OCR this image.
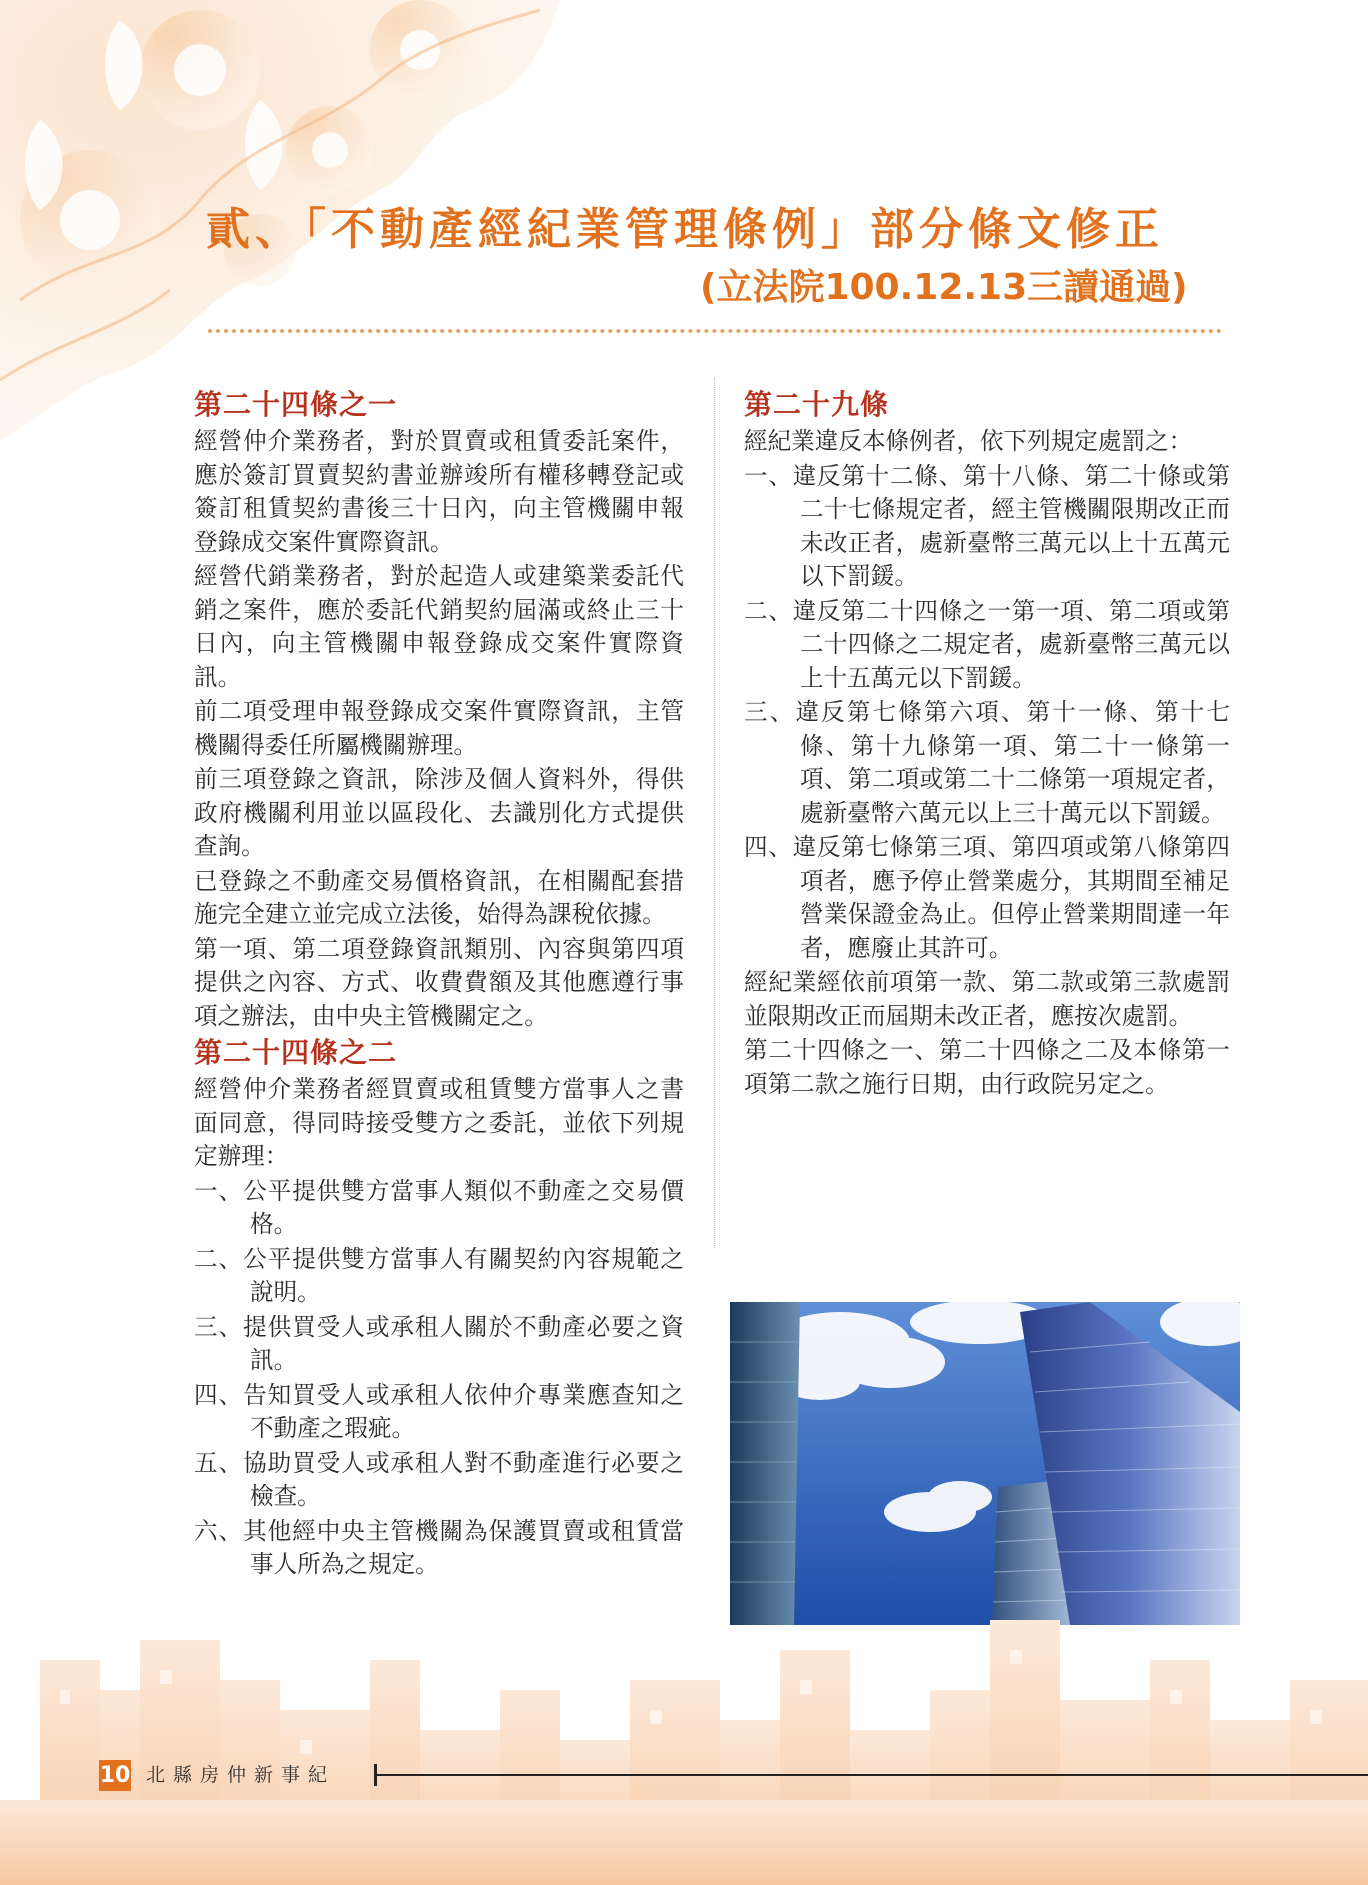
貳、「不動產經紀業管理條例」部分條文修正
(立法院100.12.13三讀通過)
第二十四條之一

經營仲介業務者，對於買賣或租賃委託案件，應於簽訂買賣契約書並辦竣所有權移轉登記或簽訂租賃契約書後三十日內，向主管機關申報登錄成交案件實際資訊。

經營代銷業務者，對於起造人或建築業委託代銷之案件，應於委託代銷契約屆滿或終止三十日內，向主管機關申報登錄成交案件實際資訊。

前二項受理申報登錄成交案件實際資訊，主管機關得委任所屬機關辦理。

前三項登錄之資訊，除涉及個人資料外，得供政府機關利用並以區段化、去識別化方式提供查詢。

已登錄之不動產交易價格資訊，在相關配套措施完全建立並完成立法後，始得為課稅依據。

第一項、第二項登錄資訊類別、內容與第四項提供之內容、方式、收費費額及其他應遵行事項之辦法，由中央主管機關定之。

第二十四條之二

經營仲介業務者經買賣或租賃雙方當事人之書面同意，得同時接受雙方之委託，並依下列規定辦理：

一、公平提供雙方當事人類似不動產之交易價格。

二、公平提供雙方當事人有關契約內容規範之說明。

三、提供買受人或承租人關於不動產必要之資訊。

四、告知買受人或承租人依仲介專業應查知之不動產之瑕疵。

五、協助買受人或承租人對不動產進行必要之檢查。

六、其他經中央主管機關為保護買賣或租賃當事人所為之規定。

第二十九條

經紀業違反本條例者，依下列規定處罰之：

一、違反第十二條、第十八條、第二十條或第二十七條規定者，經主管機關限期改正而未改正者，處新臺幣三萬元以上十五萬元以下罰鍰。

二、違反第二十四條之一第一項、第二項或第二十四條之二規定者，處新臺幣三萬元以上十五萬元以下罰鍰。

三、違反第七條第六項、第十一條、第十七條、第十九條第一項、第二十一條第一項、第二項或第二十二條第一項規定者，處新臺幣六萬元以上三十萬元以下罰鍰。

四、違反第七條第三項、第四項或第八條第四項者，應予停止營業處分，其期間至補足營業保證金為止。但停止營業期間達一年者，應廢止其許可。

經紀業經依前項第一款、第二款或第三款處罰並限期改正而屆期未改正者，應按次處罰。

第二十四條之一、第二十四條之二及本條第一項第二款之施行日期，由行政院另定之。

10 北縣房仲新事紀
